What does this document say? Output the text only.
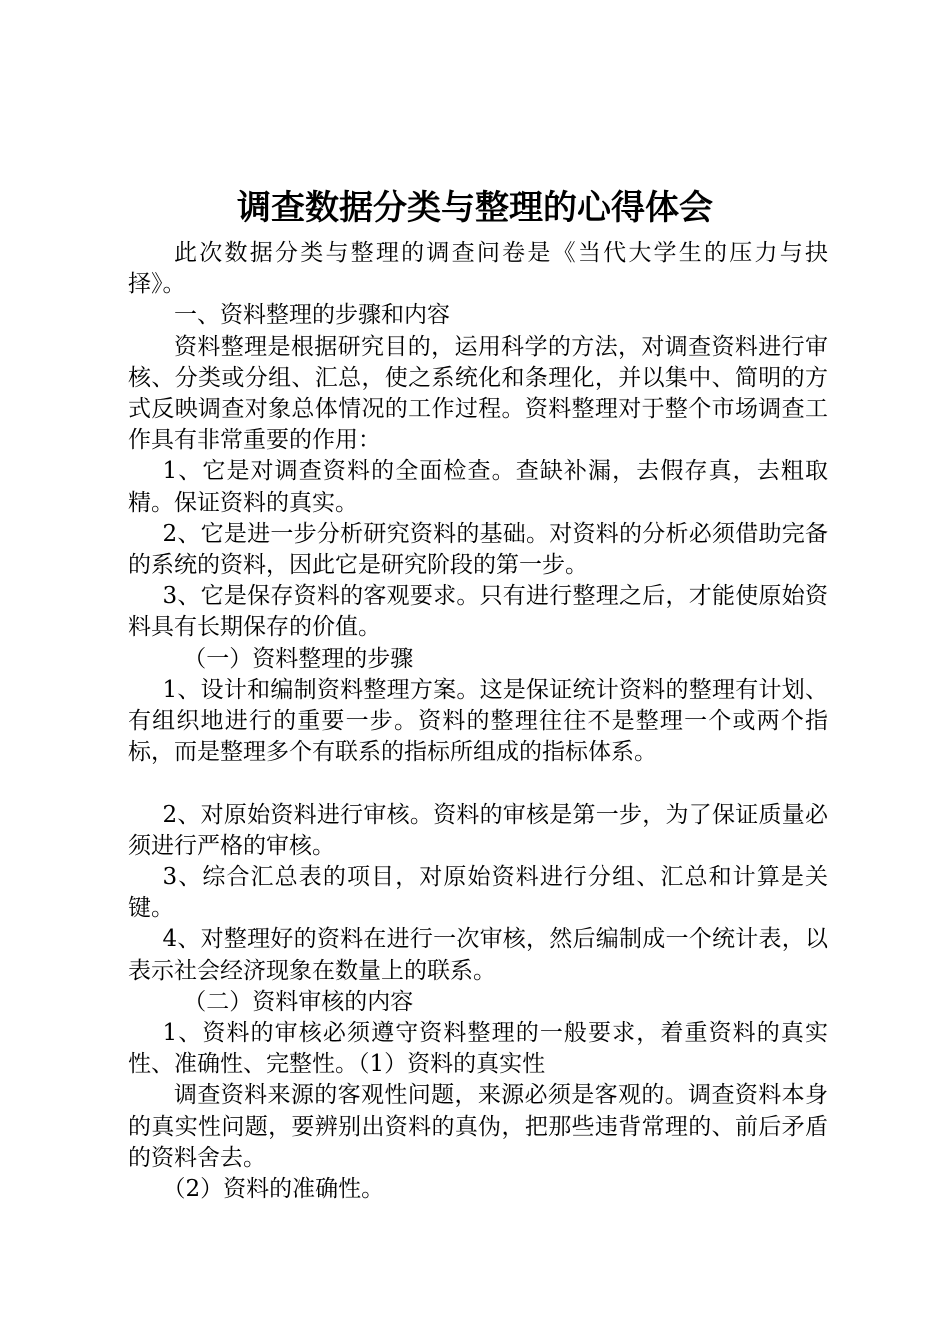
调查数据分类与整理的心得体会

此次数据分类与整理的调查问卷是《当代大学生的压力与抉择》。

一、资料整理的步骤和内容

资料整理是根据研究目的，运用科学的方法，对调查资料进行审核、分类或分组、汇总，使之系统化和条理化，并以集中、简明的方式反映调查对象总体情况的工作过程。资料整理对于整个市场调查工作具有非常重要的作用：

1、它是对调查资料的全面检查。查缺补漏，去假存真，去粗取精。保证资料的真实。

2、它是进一步分析研究资料的基础。对资料的分析必须借助完备的系统的资料，因此它是研究阶段的第一步。

3、它是保存资料的客观要求。只有进行整理之后，才能使原始资料具有长期保存的价值。

（一）资料整理的步骤

1、设计和编制资料整理方案。这是保证统计资料的整理有计划、有组织地进行的重要一步。资料的整理往往不是整理一个或两个指标，而是整理多个有联系的指标所组成的指标体系。

2、对原始资料进行审核。资料的审核是第一步，为了保证质量必须进行严格的审核。

3、综合汇总表的项目，对原始资料进行分组、汇总和计算是关键。

4、对整理好的资料在进行一次审核，然后编制成一个统计表，以表示社会经济现象在数量上的联系。

（二）资料审核的内容

1、资料的审核必须遵守资料整理的一般要求，着重资料的真实性、准确性、完整性。（1）资料的真实性

调查资料来源的客观性问题，来源必须是客观的。调查资料本身的真实性问题，要辨别出资料的真伪，把那些违背常理的、前后矛盾的资料舍去。

（2）资料的准确性。
